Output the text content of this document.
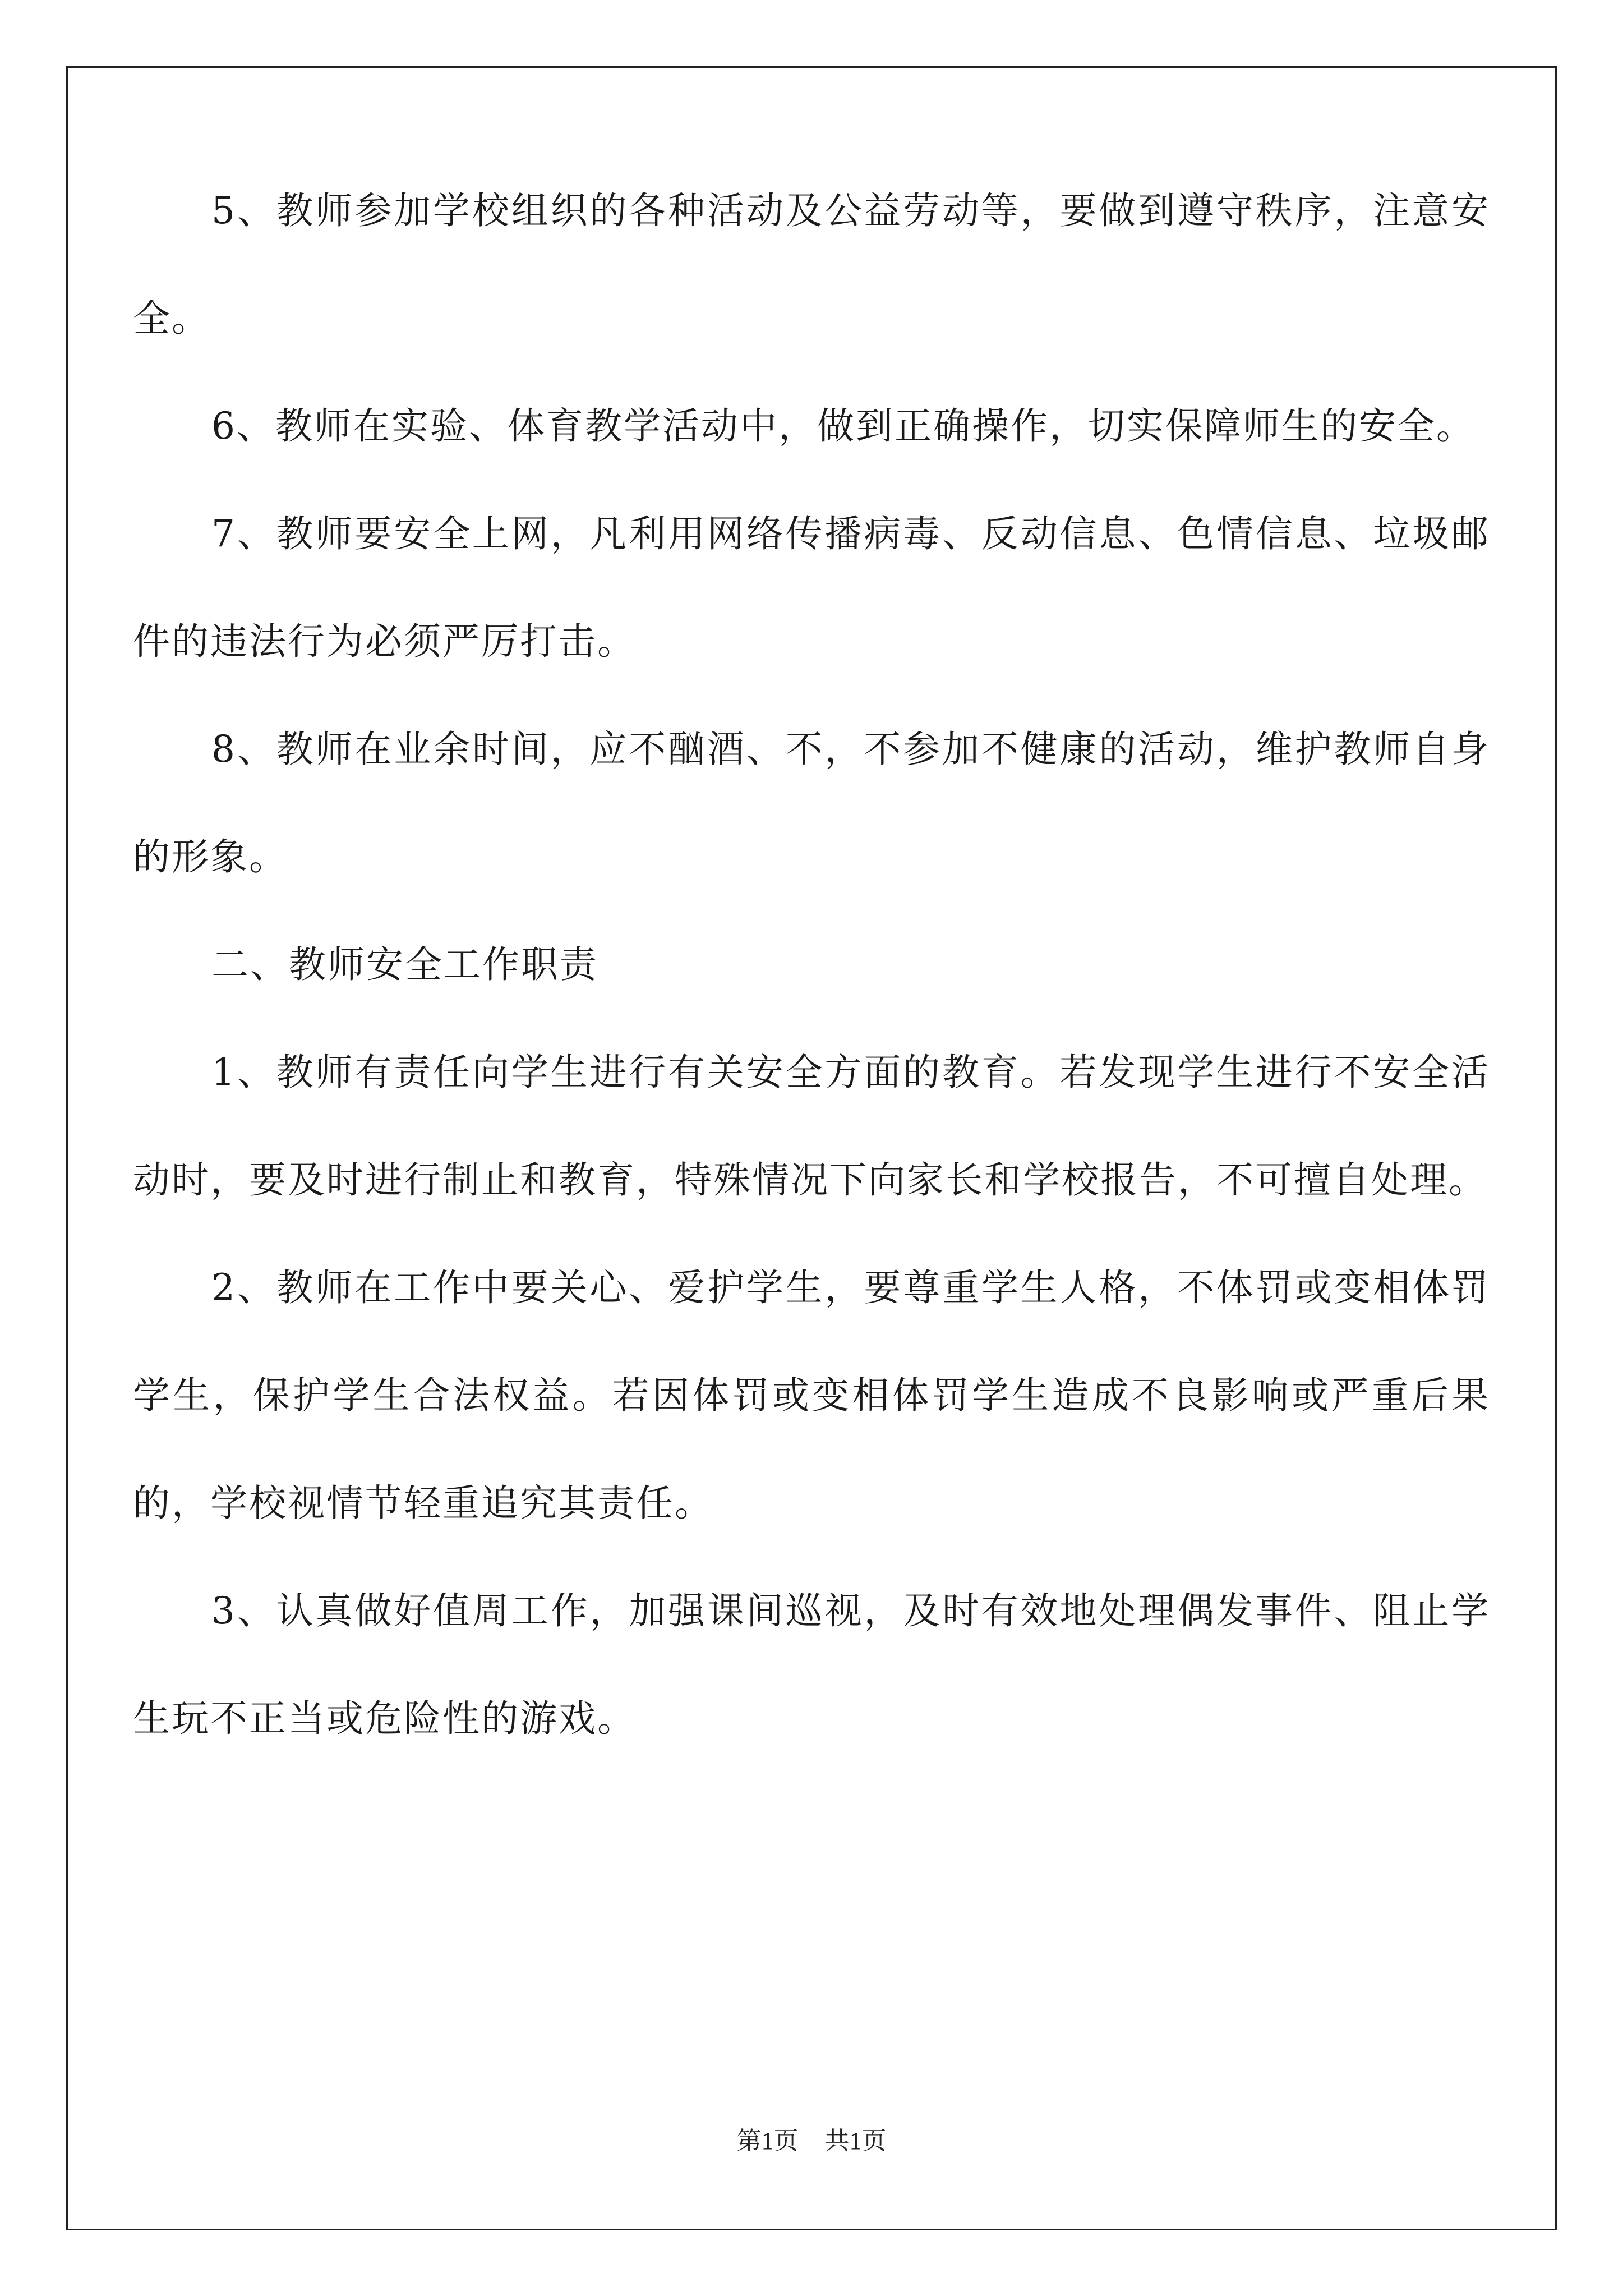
5、教师参加学校组织的各种活动及公益劳动等，要做到遵守秩序，注意安全。

6、教师在实验、体育教学活动中，做到正确操作，切实保障师生的安全。

7、教师要安全上网，凡利用网络传播病毒、反动信息、色情信息、垃圾邮件的违法行为必须严厉打击。

8、教师在业余时间，应不酗酒、不，不参加不健康的活动，维护教师自身的形象。

二、教师安全工作职责

1、教师有责任向学生进行有关安全方面的教育。若发现学生进行不安全活动时，要及时进行制止和教育，特殊情况下向家长和学校报告，不可擅自处理。

2、教师在工作中要关心、爱护学生，要尊重学生人格，不体罚或变相体罚学生，保护学生合法权益。若因体罚或变相体罚学生造成不良影响或严重后果的，学校视情节轻重追究其责任。

3、认真做好值周工作，加强课间巡视，及时有效地处理偶发事件、阻止学生玩不正当或危险性的游戏。

第1页 共1页
